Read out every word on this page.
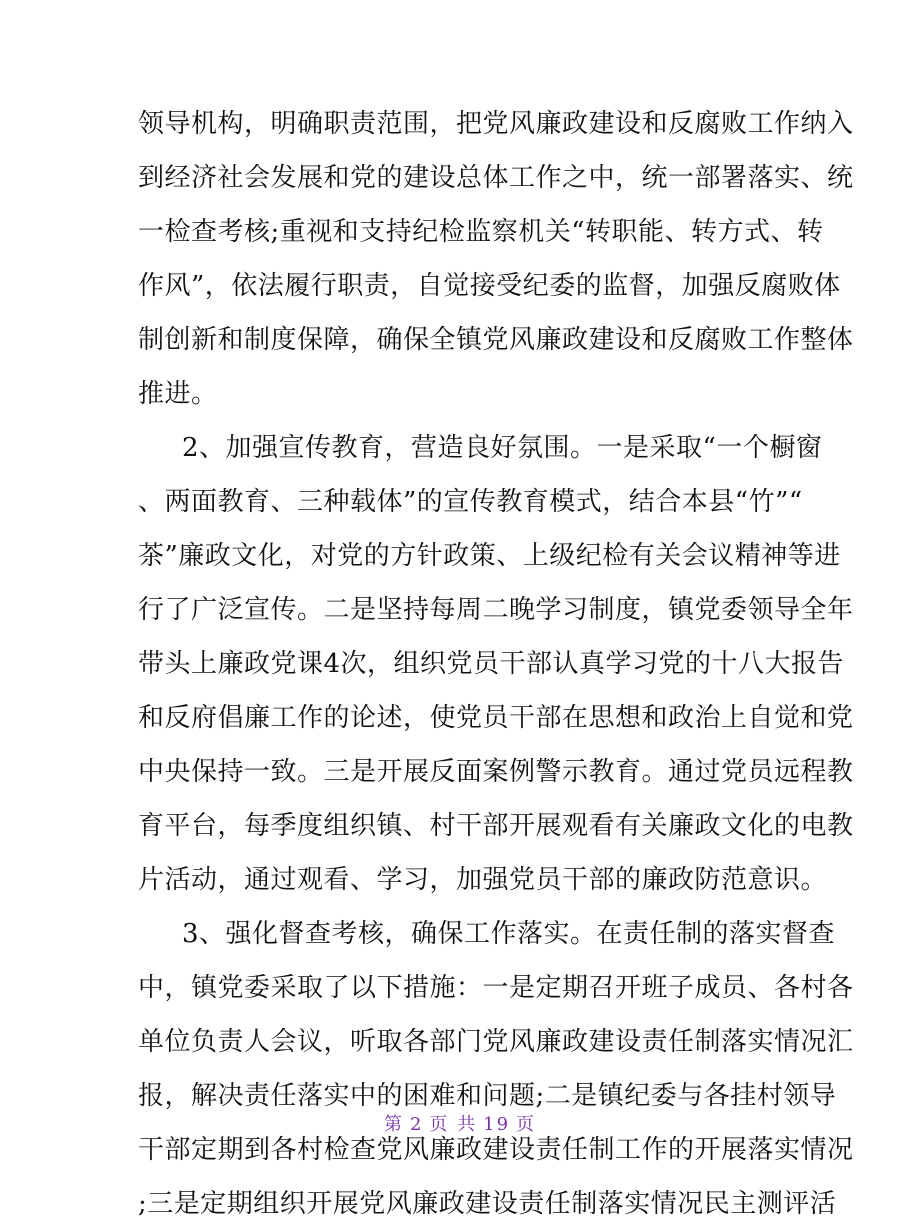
领导机构，明确职责范围，把党风廉政建设和反腐败工作纳入
到经济社会发展和党的建设总体工作之中，统一部署落实、统
一检查考核;重视和支持纪检监察机关“转职能、转方式、转
作风”，依法履行职责，自觉接受纪委的监督，加强反腐败体
制创新和制度保障，确保全镇党风廉政建设和反腐败工作整体
推进。
2、加强宣传教育，营造良好氛围。一是采取“一个橱窗
、两面教育、三种载体”的宣传教育模式，结合本县“竹”“
茶”廉政文化，对党的方针政策、上级纪检有关会议精神等进
行了广泛宣传。二是坚持每周二晚学习制度，镇党委领导全年
带头上廉政党课4次，组织党员干部认真学习党的十八大报告
和反府倡廉工作的论述，使党员干部在思想和政治上自觉和党
中央保持一致。三是开展反面案例警示教育。通过党员远程教
育平台，每季度组织镇、村干部开展观看有关廉政文化的电教
片活动，通过观看、学习，加强党员干部的廉政防范意识。
3、强化督查考核，确保工作落实。在责任制的落实督查
中，镇党委采取了以下措施：一是定期召开班子成员、各村各
单位负责人会议，听取各部门党风廉政建设责任制落实情况汇
报，解决责任落实中的困难和问题;二是镇纪委与各挂村领导
干部定期到各村检查党风廉政建设责任制工作的开展落实情况
;三是定期组织开展党风廉政建设责任制落实情况民主测评活
第 2 页 共 19 页
